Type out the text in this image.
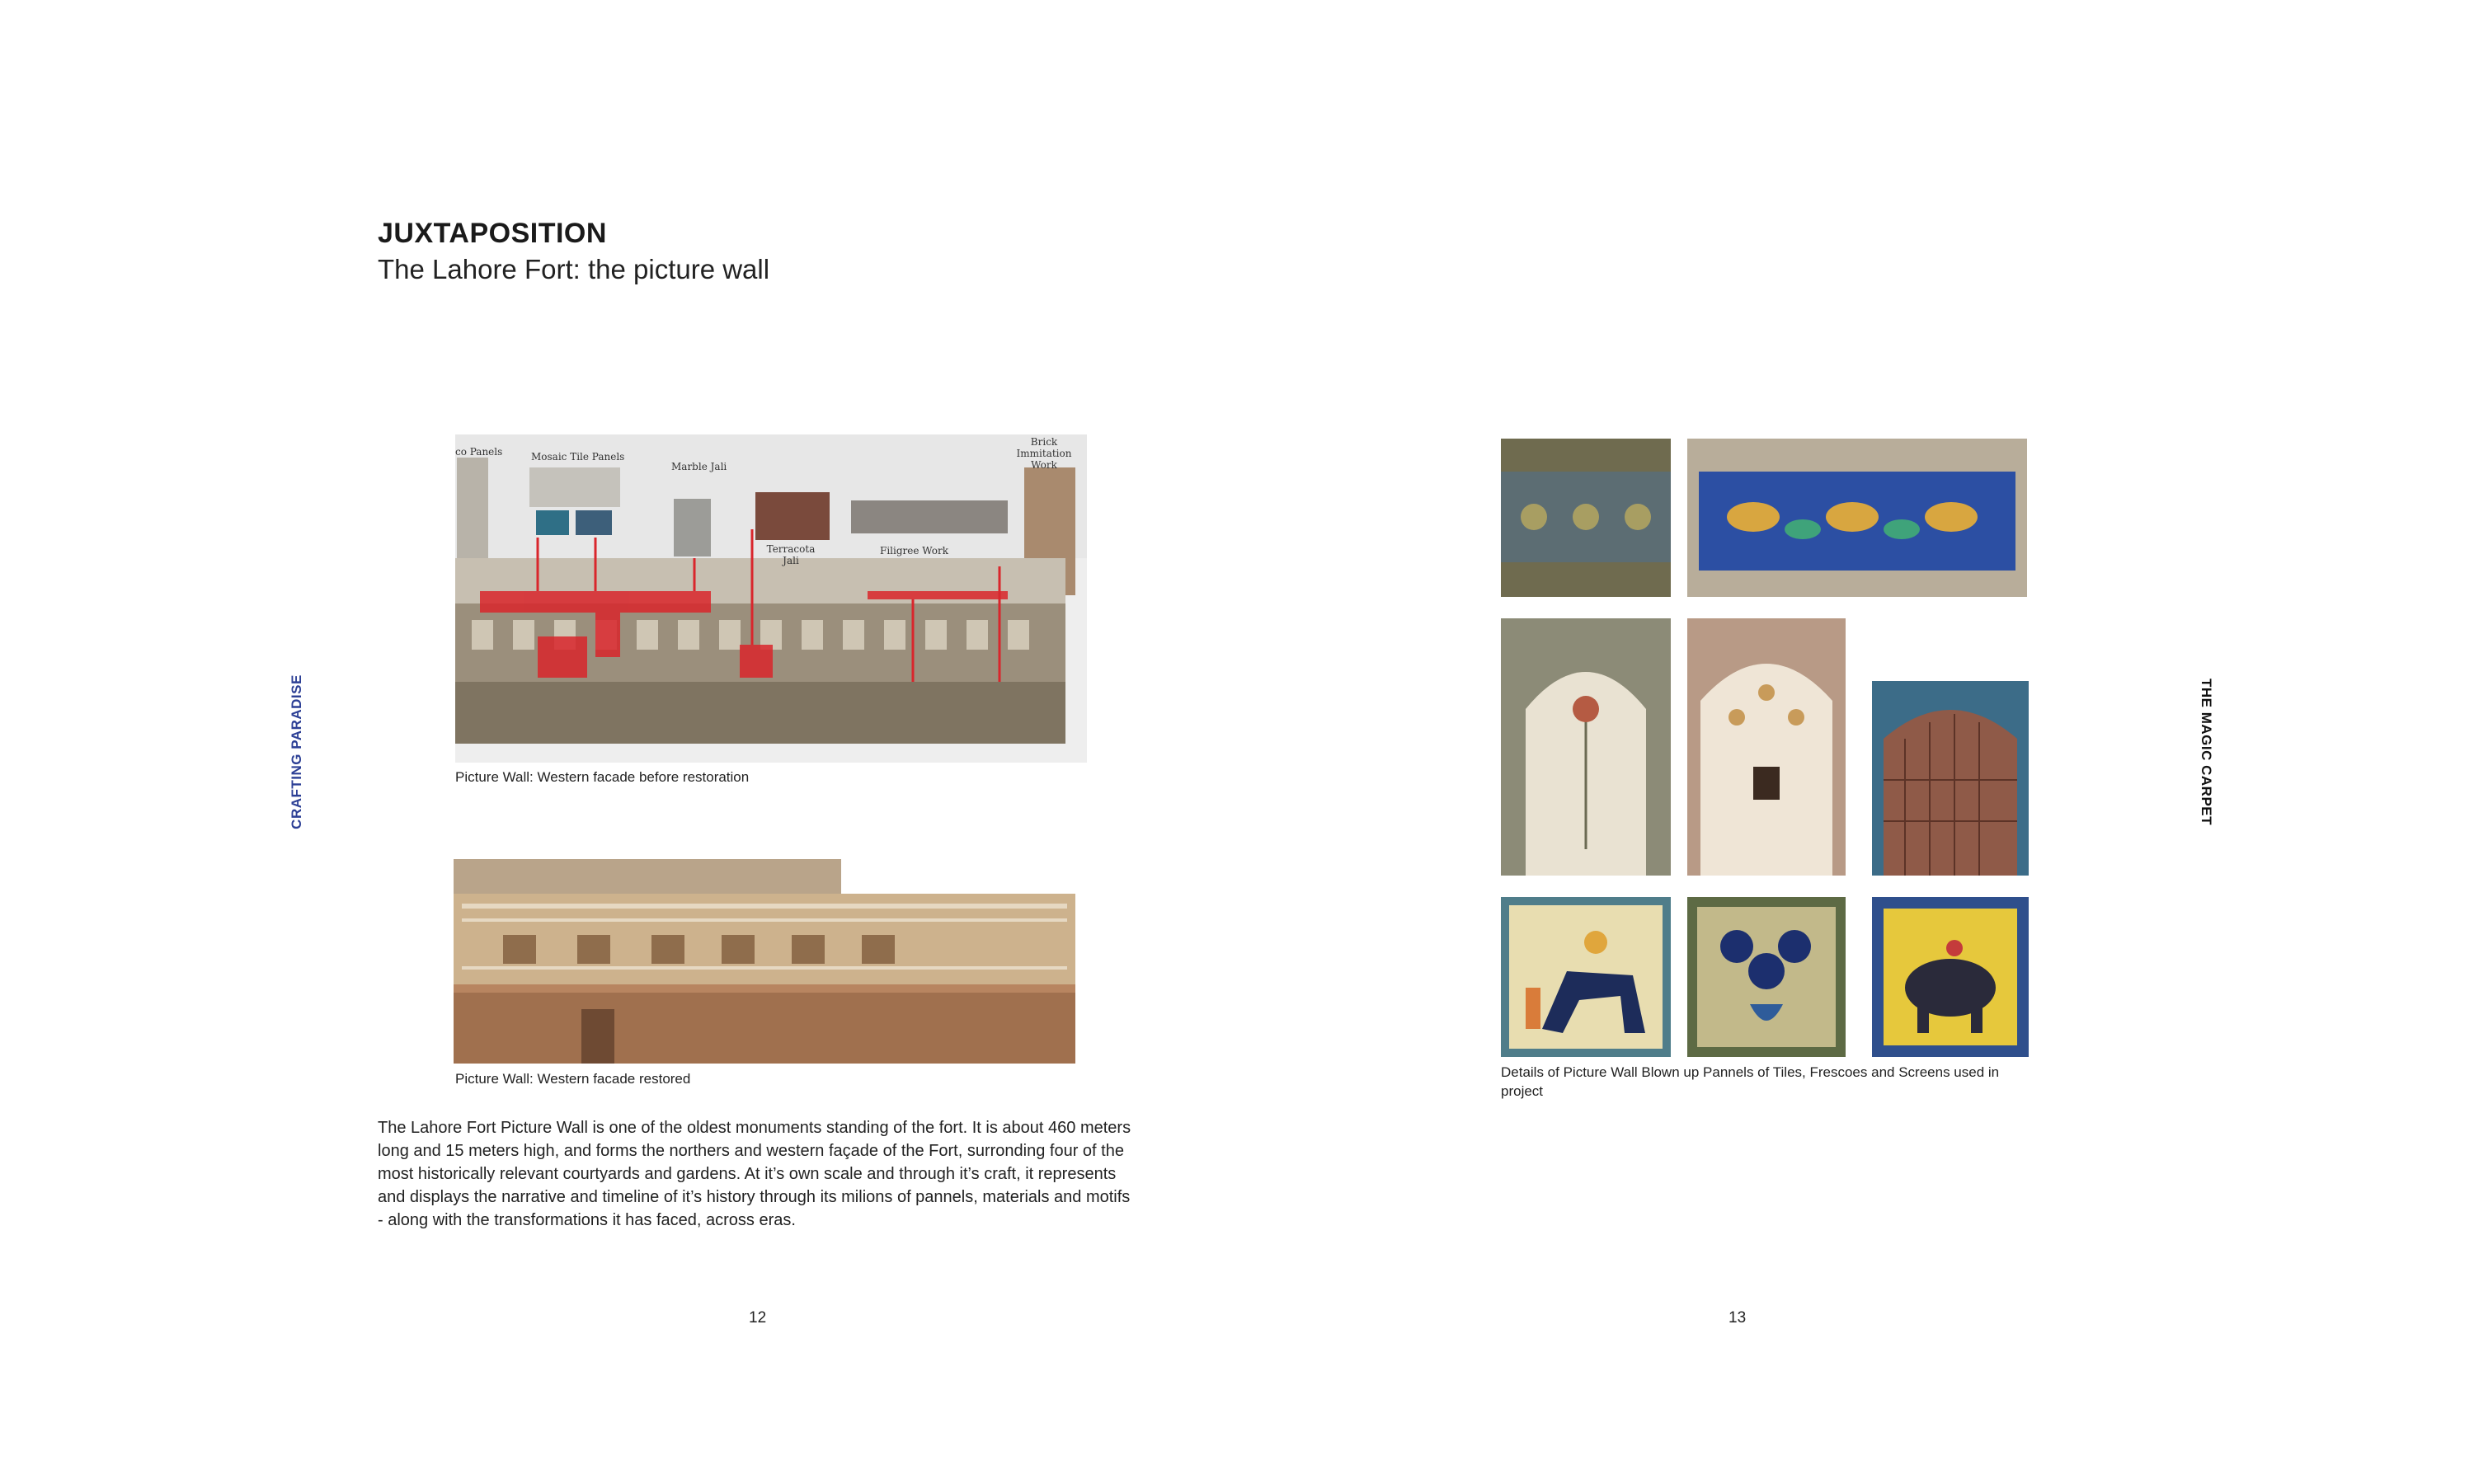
JUXTAPOSITION
The Lahore Fort: the picture wall
CRAFTING PARADISE
co Panels	Mosaic Tile Panels
Marble Jali
Terracota Jali
Filigree Work
Brick Immitation Work
Picture Wall: Western facade before restoration
Picture Wall: Western facade restored
The Lahore Fort Picture Wall is one of the oldest monuments standing of the fort. It is about 460 meters long and 15 meters high, and forms the northers and western façade of the Fort, surronding four of the most historically relevant courtyards and gardens. At it’s own scale and through it’s craft, it represents and displays the narrative and timeline of it’s history through its milions of pannels, materials and motifs - along with the transformations it has faced, across eras.
12
THE MAGIC CARPET
Details of Picture Wall Blown up Pannels of Tiles, Frescoes and Screens used in project
13
